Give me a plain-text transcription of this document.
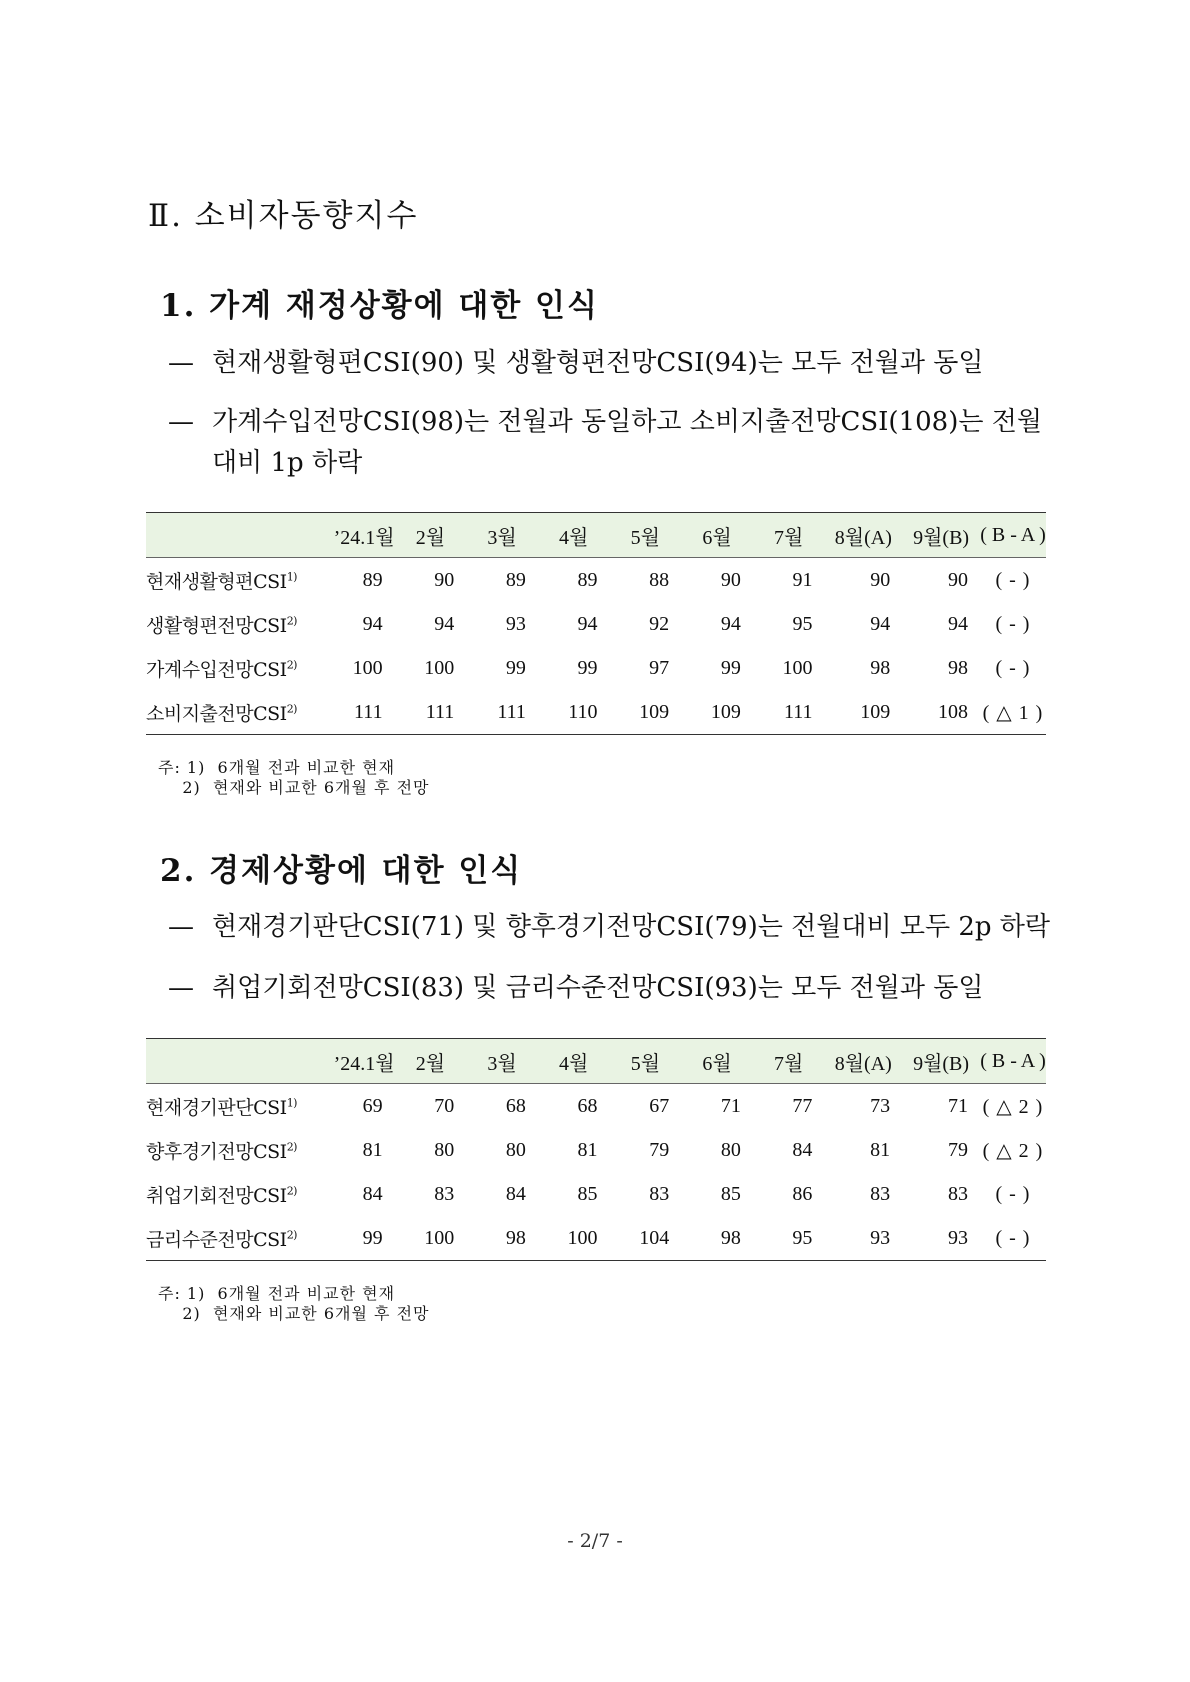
Ⅱ. 소비자동향지수
1. 가계 재정상황에 대한 인식
— 현재생활형편CSI(90) 및 생활형편전망CSI(94)는 모두 전월과 동일
— 가계수입전망CSI(98)는 전월과 동일하고 소비지출전망CSI(108)는 전월 대비 1p 하락
	’24.1월	2월	3월	4월	5월	6월	7월	8월(A)	9월(B)	( B - A )
현재생활형편CSI$^{1)}$	89	90	89	89	88	90	91	90	90	( - )
생활형편전망CSI$^{2)}$	94	94	93	94	92	94	95	94	94	( - )
가계수입전망CSI$^{2)}$	100	100	99	99	97	99	100	98	98	( - )
소비지출전망CSI$^{2)}$	111	111	111	110	109	109	111	109	108	( △ 1 )
주: 1)  6개월 전과 비교한 현재
2)  현재와 비교한 6개월 후 전망
2. 경제상황에 대한 인식
— 현재경기판단CSI(71) 및 향후경기전망CSI(79)는 전월대비 모두 2p 하락
— 취업기회전망CSI(83) 및 금리수준전망CSI(93)는 모두 전월과 동일
	’24.1월	2월	3월	4월	5월	6월	7월	8월(A)	9월(B)	( B - A )
현재경기판단CSI$^{1)}$	69	70	68	68	67	71	77	73	71	( △ 2 )
향후경기전망CSI$^{2)}$	81	80	80	81	79	80	84	81	79	( △ 2 )
취업기회전망CSI$^{2)}$	84	83	84	85	83	85	86	83	83	( - )
금리수준전망CSI$^{2)}$	99	100	98	100	104	98	95	93	93	( - )
주: 1)  6개월 전과 비교한 현재
2)  현재와 비교한 6개월 후 전망
- 2/7 -
